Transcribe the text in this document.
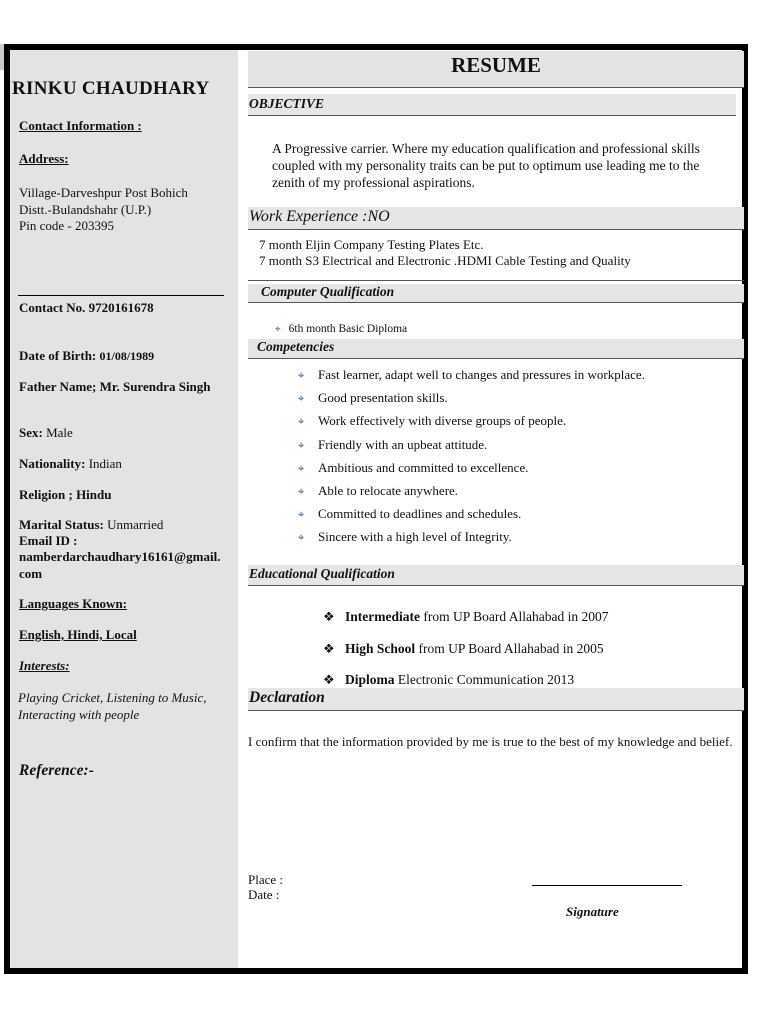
RINKU CHAUDHARY
Contact Information :
Address:
Village-Darveshpur Post Bohich
Distt.-Bulandshahr (U.P.)
Pin code - 203395
Contact No. 9720161678
Date of Birth: 01/08/1989
Father Name; Mr. Surendra Singh
Sex: Male
Nationality: Indian
Religion ; Hindu
Marital Status: Unmarried
Email ID :
namberdarchaudhary16161@gmail.com
Languages Known:
English, Hindi, Local
Interests:
Playing Cricket, Listening to Music, Interacting with people
Reference:-
RESUME
OBJECTIVE
A Progressive carrier. Where my education qualification and professional skills coupled with my personality traits can be put to optimum use leading me to the zenith of my professional aspirations.
Work Experience :NO
7 month Eljin Company Testing Plates Etc.
7 month S3 Electrical and Electronic .HDMI Cable Testing and Quality
Computer Qualification
⌖ 6th month Basic Diploma
Competencies
⌖ Fast learner, adapt well to changes and pressures in workplace.
⌖ Good presentation skills.
⌖ Work effectively with diverse groups of people.
⌖ Friendly with an upbeat attitude.
⌖ Ambitious and committed to excellence.
⌖ Able to relocate anywhere.
⌖ Committed to deadlines and schedules.
⌖ Sincere with a high level of Integrity.
Educational Qualification
❖ Intermediate from UP Board Allahabad in 2007
❖ High School from UP Board Allahabad in 2005
❖ Diploma Electronic Communication 2013
Declaration
I confirm that the information provided by me is true to the best of my knowledge and belief.
Place :
Date :
Signature
